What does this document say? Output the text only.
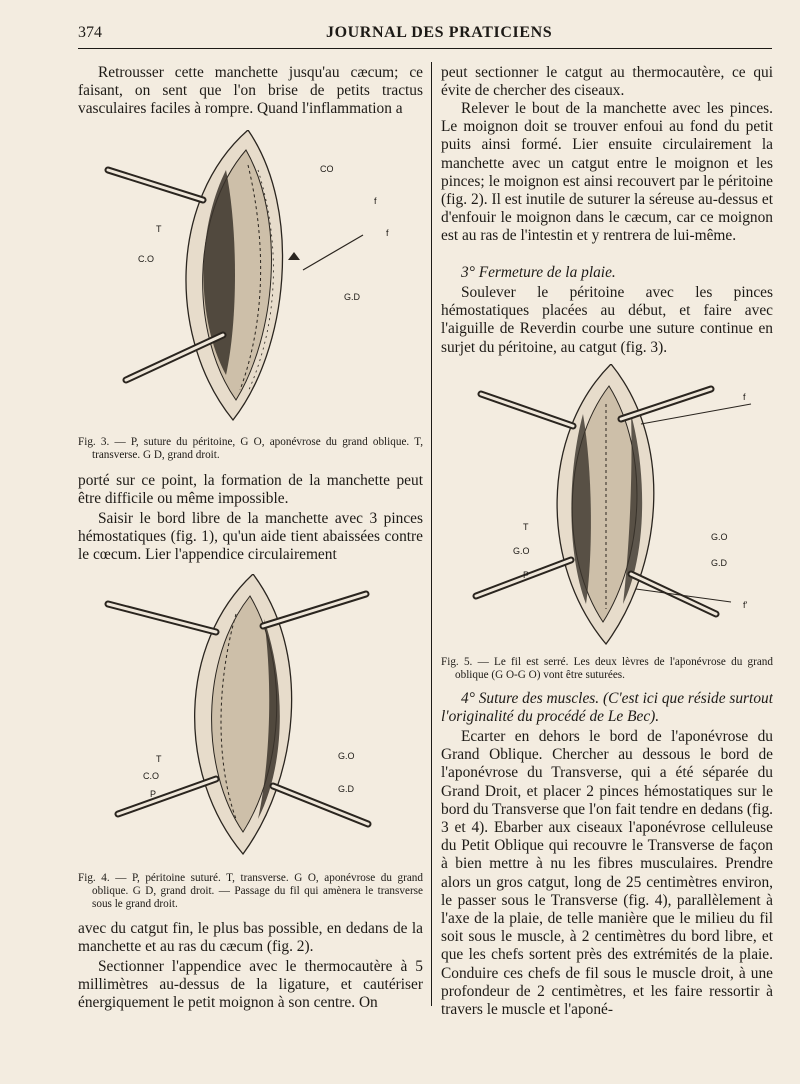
374	JOURNAL DES PRATICIENS

Retrousser cette manchette jusqu'au cæcum; ce faisant, on sent que l'on brise de petits tractus vasculaires faciles à rompre. Quand l'inflammation a

CO
T
C.O
f
f
G.D

Fig. 3. — P, suture du péritoine, G O, aponévrose du grand oblique. T, transverse. G D, grand droit.

porté sur ce point, la formation de la manchette peut être difficile ou même impossible.

Saisir le bord libre de la manchette avec 3 pinces hémostatiques (fig. 1), qu'un aide tient abaissées contre le cœcum. Lier l'appendice circulairement

T
C.O
P
G.O
G.D

Fig. 4. — P, péritoine suturé. T, transverse. G O, aponévrose du grand oblique. G D, grand droit. — Passage du fil qui amènera le transverse sous le grand droit.

avec du catgut fin, le plus bas possible, en dedans de la manchette et au ras du cæcum (fig. 2).

Sectionner l'appendice avec le thermocautère à 5 millimètres au-dessus de la ligature, et cautériser énergiquement le petit moignon à son centre. On

peut sectionner le catgut au thermocautère, ce qui évite de chercher des ciseaux.

Relever le bout de la manchette avec les pinces. Le moignon doit se trouver enfoui au fond du petit puits ainsi formé. Lier ensuite circulairement la manchette avec un catgut entre le moignon et les pinces; le moignon est ainsi recouvert par le péritoine (fig. 2). Il est inutile de suturer la séreuse au-dessus et d'enfouir le moignon dans le cæcum, car ce moignon est au ras de l'intestin et y rentrera de lui-même.

3° Fermeture de la plaie.

Soulever le péritoine avec les pinces hémostatiques placées au début, et faire avec l'aiguille de Reverdin courbe une suture continue en surjet du péritoine, au catgut (fig. 3).

f
T
G.O
P
G.O
G.D
f'

Fig. 5. — Le fil est serré. Les deux lèvres de l'aponévrose du grand oblique (G O-G O) vont être suturées.

4° Suture des muscles. (C'est ici que réside surtout l'originalité du procédé de Le Bec).

Ecarter en dehors le bord de l'aponévrose du Grand Oblique. Chercher au dessous le bord de l'aponévrose du Transverse, qui a été séparée du Grand Droit, et placer 2 pinces hémostatiques sur le bord du Transverse que l'on fait tendre en dedans (fig. 3 et 4). Ebarber aux ciseaux l'aponévrose celluleuse du Petit Oblique qui recouvre le Transverse de façon à bien mettre à nu les fibres musculaires. Prendre alors un gros catgut, long de 25 centimètres environ, le passer sous le Transverse (fig. 4), parallèlement à l'axe de la plaie, de telle manière que le milieu du fil soit sous le muscle, à 2 centimètres du bord libre, et que les chefs sortent près des extrémités de la plaie. Conduire ces chefs de fil sous le muscle droit, à une profondeur de 2 centimètres, et les faire ressortir à travers le muscle et l'aponé-
